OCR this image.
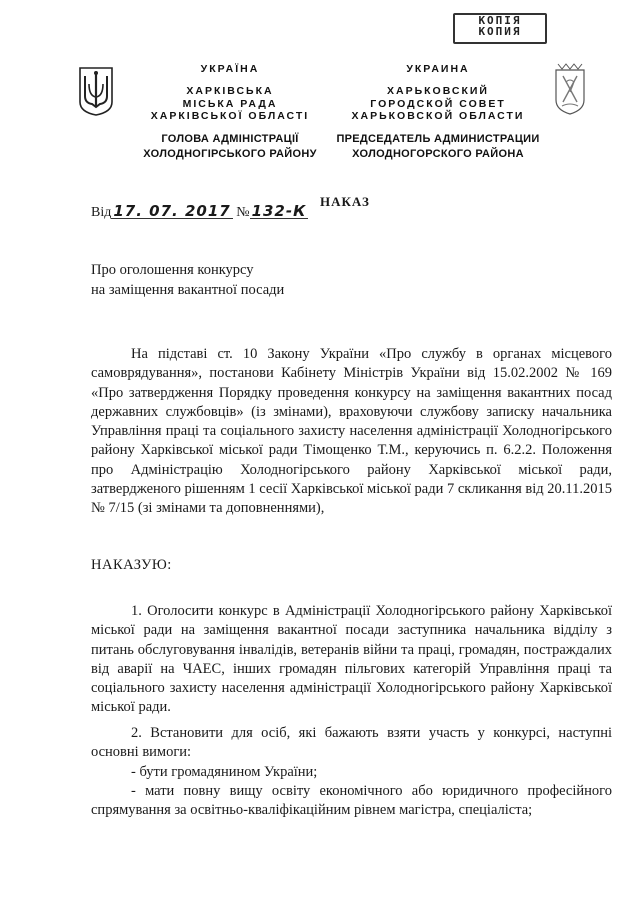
КОПІЯ
КОПИЯ
УКРАЇНА
ХАРКІВСЬКА
МІСЬКА РАДА
ХАРКІВСЬКОЇ ОБЛАСТІ
ГОЛОВА АДМІНІСТРАЦІЇ
ХОЛОДНОГІРСЬКОГО РАЙОНУ
УКРАИНА
ХАРЬКОВСКИЙ
ГОРОДСКОЙ СОВЕТ
ХАРЬКОВСКОЙ ОБЛАСТИ
ПРЕДСЕДАТЕЛЬ АДМИНИСТРАЦИИ
ХОЛОДНОГОРСКОГО РАЙОНА
НАКАЗ
Від 17. 07. 2017 № 132-К
Про оголошення конкурсу
на заміщення вакантної посади

На підставі ст. 10 Закону України «Про службу в органах місцевого самоврядування», постанови Кабінету Міністрів України від 15.02.2002 № 169 «Про затвердження Порядку проведення конкурсу на заміщення вакантних посад державних службовців» (із змінами), враховуючи службову записку начальника Управління праці та соціального захисту населення адміністрації Холодногірського району Харківської міської ради Тімощенко Т.М., керуючись п. 6.2.2. Положення про Адміністрацію Холодногірського району Харківської міської ради, затвердженого рішенням 1 сесії Харківської міської ради 7 скликання від 20.11.2015 № 7/15 (зі змінами та доповненнями),

НАКАЗУЮ:

1. Оголосити конкурс в Адміністрації Холодногірського району Харківської міської ради на заміщення вакантної посади заступника начальника відділу з питань обслуговування інвалідів, ветеранів війни та праці, громадян, постраждалих від аварії на ЧАЕС, інших громадян пільгових категорій Управління праці та соціального захисту населення адміністрації Холодногірського району Харківської міської ради.

2. Встановити для осіб, які бажають взяти участь у конкурсі, наступні основні вимоги:

- бути громадянином України;
- мати повну вищу освіту економічного або юридичного професійного спрямування за освітньо-кваліфікаційним рівнем магістра, спеціаліста;
